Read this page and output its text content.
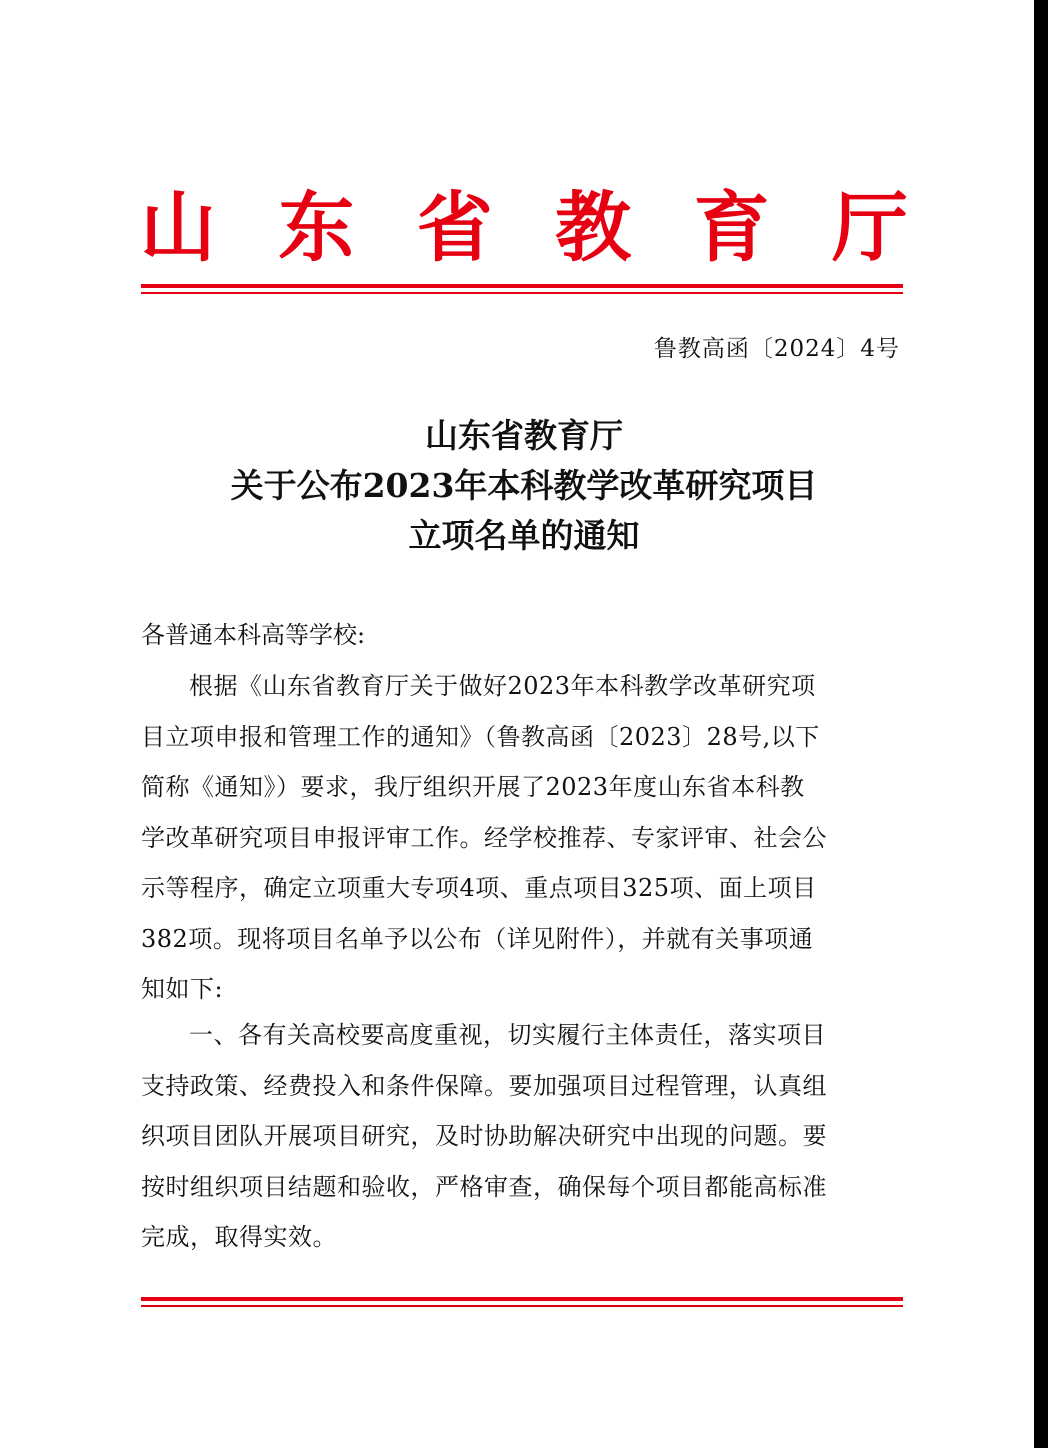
山 东 省 教 育 厅
鲁教高函〔2024〕4号
山东省教育厅
关于公布2023年本科教学改革研究项目
立项名单的通知
各普通本科高等学校:
根据《山东省教育厅关于做好2023年本科教学改革研究项
目立项申报和管理工作的通知》（鲁教高函〔2023〕28号,以下
简称《通知》）要求，我厅组织开展了2023年度山东省本科教
学改革研究项目申报评审工作。经学校推荐、专家评审、社会公
示等程序，确定立项重大专项4项、重点项目325项、面上项目
382项。现将项目名单予以公布（详见附件），并就有关事项通
知如下:
一、各有关高校要高度重视，切实履行主体责任，落实项目
支持政策、经费投入和条件保障。要加强项目过程管理，认真组
织项目团队开展项目研究，及时协助解决研究中出现的问题。要
按时组织项目结题和验收，严格审查，确保每个项目都能高标准
完成，取得实效。
